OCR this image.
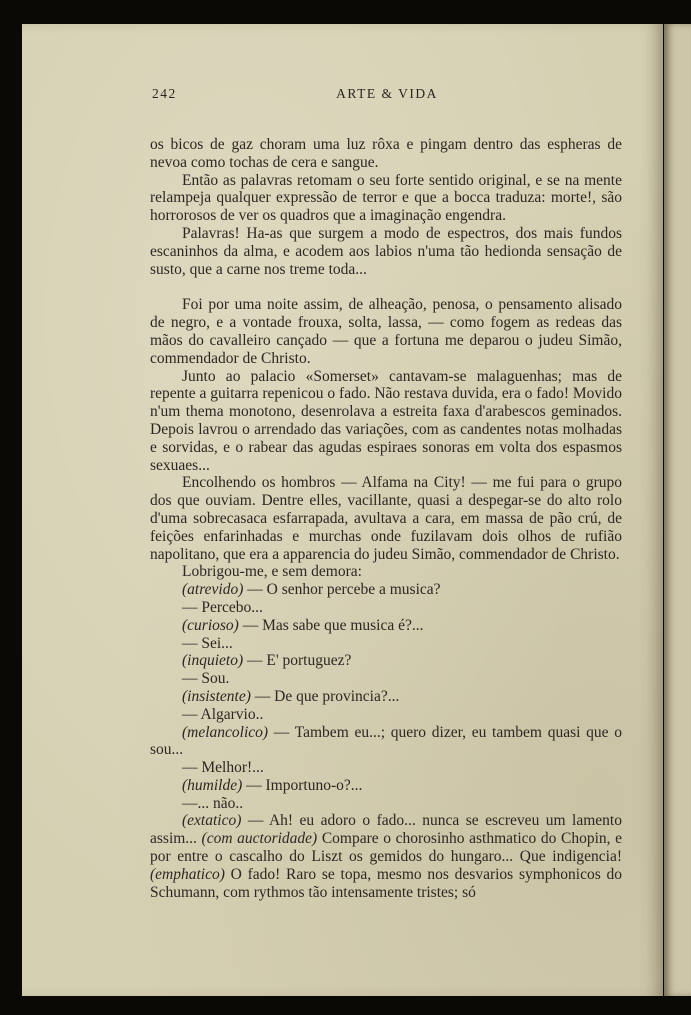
242	ARTE & VIDA

os bicos de gaz choram uma luz rôxa e pingam dentro das espheras de nevoa como tochas de cera e sangue.

Então as palavras retomam o seu forte sentido original, e se na mente relampeja qualquer expressão de terror e que a bocca traduza: morte!, são horrorosos de ver os quadros que a imaginação engendra.

Palavras! Ha-as que surgem a modo de espectros, dos mais fundos escaninhos da alma, e acodem aos labios n'uma tão hedionda sensação de susto, que a carne nos treme toda...

Foi por uma noite assim, de alheação, penosa, o pensamento alisado de negro, e a vontade frouxa, solta, lassa, — como fogem as redeas das mãos do cavalleiro cançado — que a fortuna me deparou o judeu Simão, commendador de Christo.

Junto ao palacio «Somerset» cantavam-se malaguenhas; mas de repente a guitarra repenicou o fado. Não restava duvida, era o fado! Movido n'um thema monotono, desenrolava a estreita faxa d'arabescos geminados. Depois lavrou o arrendado das variações, com as candentes notas molhadas e sorvidas, e o rabear das agudas espiraes sonoras em volta dos espasmos sexuaes...

Encolhendo os hombros — Alfama na City! — me fui para o grupo dos que ouviam. Dentre elles, vacillante, quasi a despegar-se do alto rolo d'uma sobrecasaca esfarrapada, avultava a cara, em massa de pão crú, de feições enfarinhadas e murchas onde fuzilavam dois olhos de rufião napolitano, que era a apparencia do judeu Simão, commendador de Christo.

Lobrigou-me, e sem demora:

(atrevido) — O senhor percebe a musica?

— Percebo...

(curioso) — Mas sabe que musica é?...

— Sei...

(inquieto) — E' portuguez?

— Sou.

(insistente) — De que provincia?...

— Algarvio..

(melancolico) — Tambem eu...; quero dizer, eu tambem quasi que o sou...

— Melhor!...

(humilde) — Importuno-o?...

—... não..

(extatico) — Ah! eu adoro o fado... nunca se escreveu um lamento assim... (com auctoridade) Compare o chorosinho asthmatico do Chopin, e por entre o cascalho do Liszt os gemidos do hungaro... Que indigencia! (emphatico) O fado! Raro se topa, mesmo nos desvarios symphonicos do Schumann, com rythmos tão intensamente tristes; só
